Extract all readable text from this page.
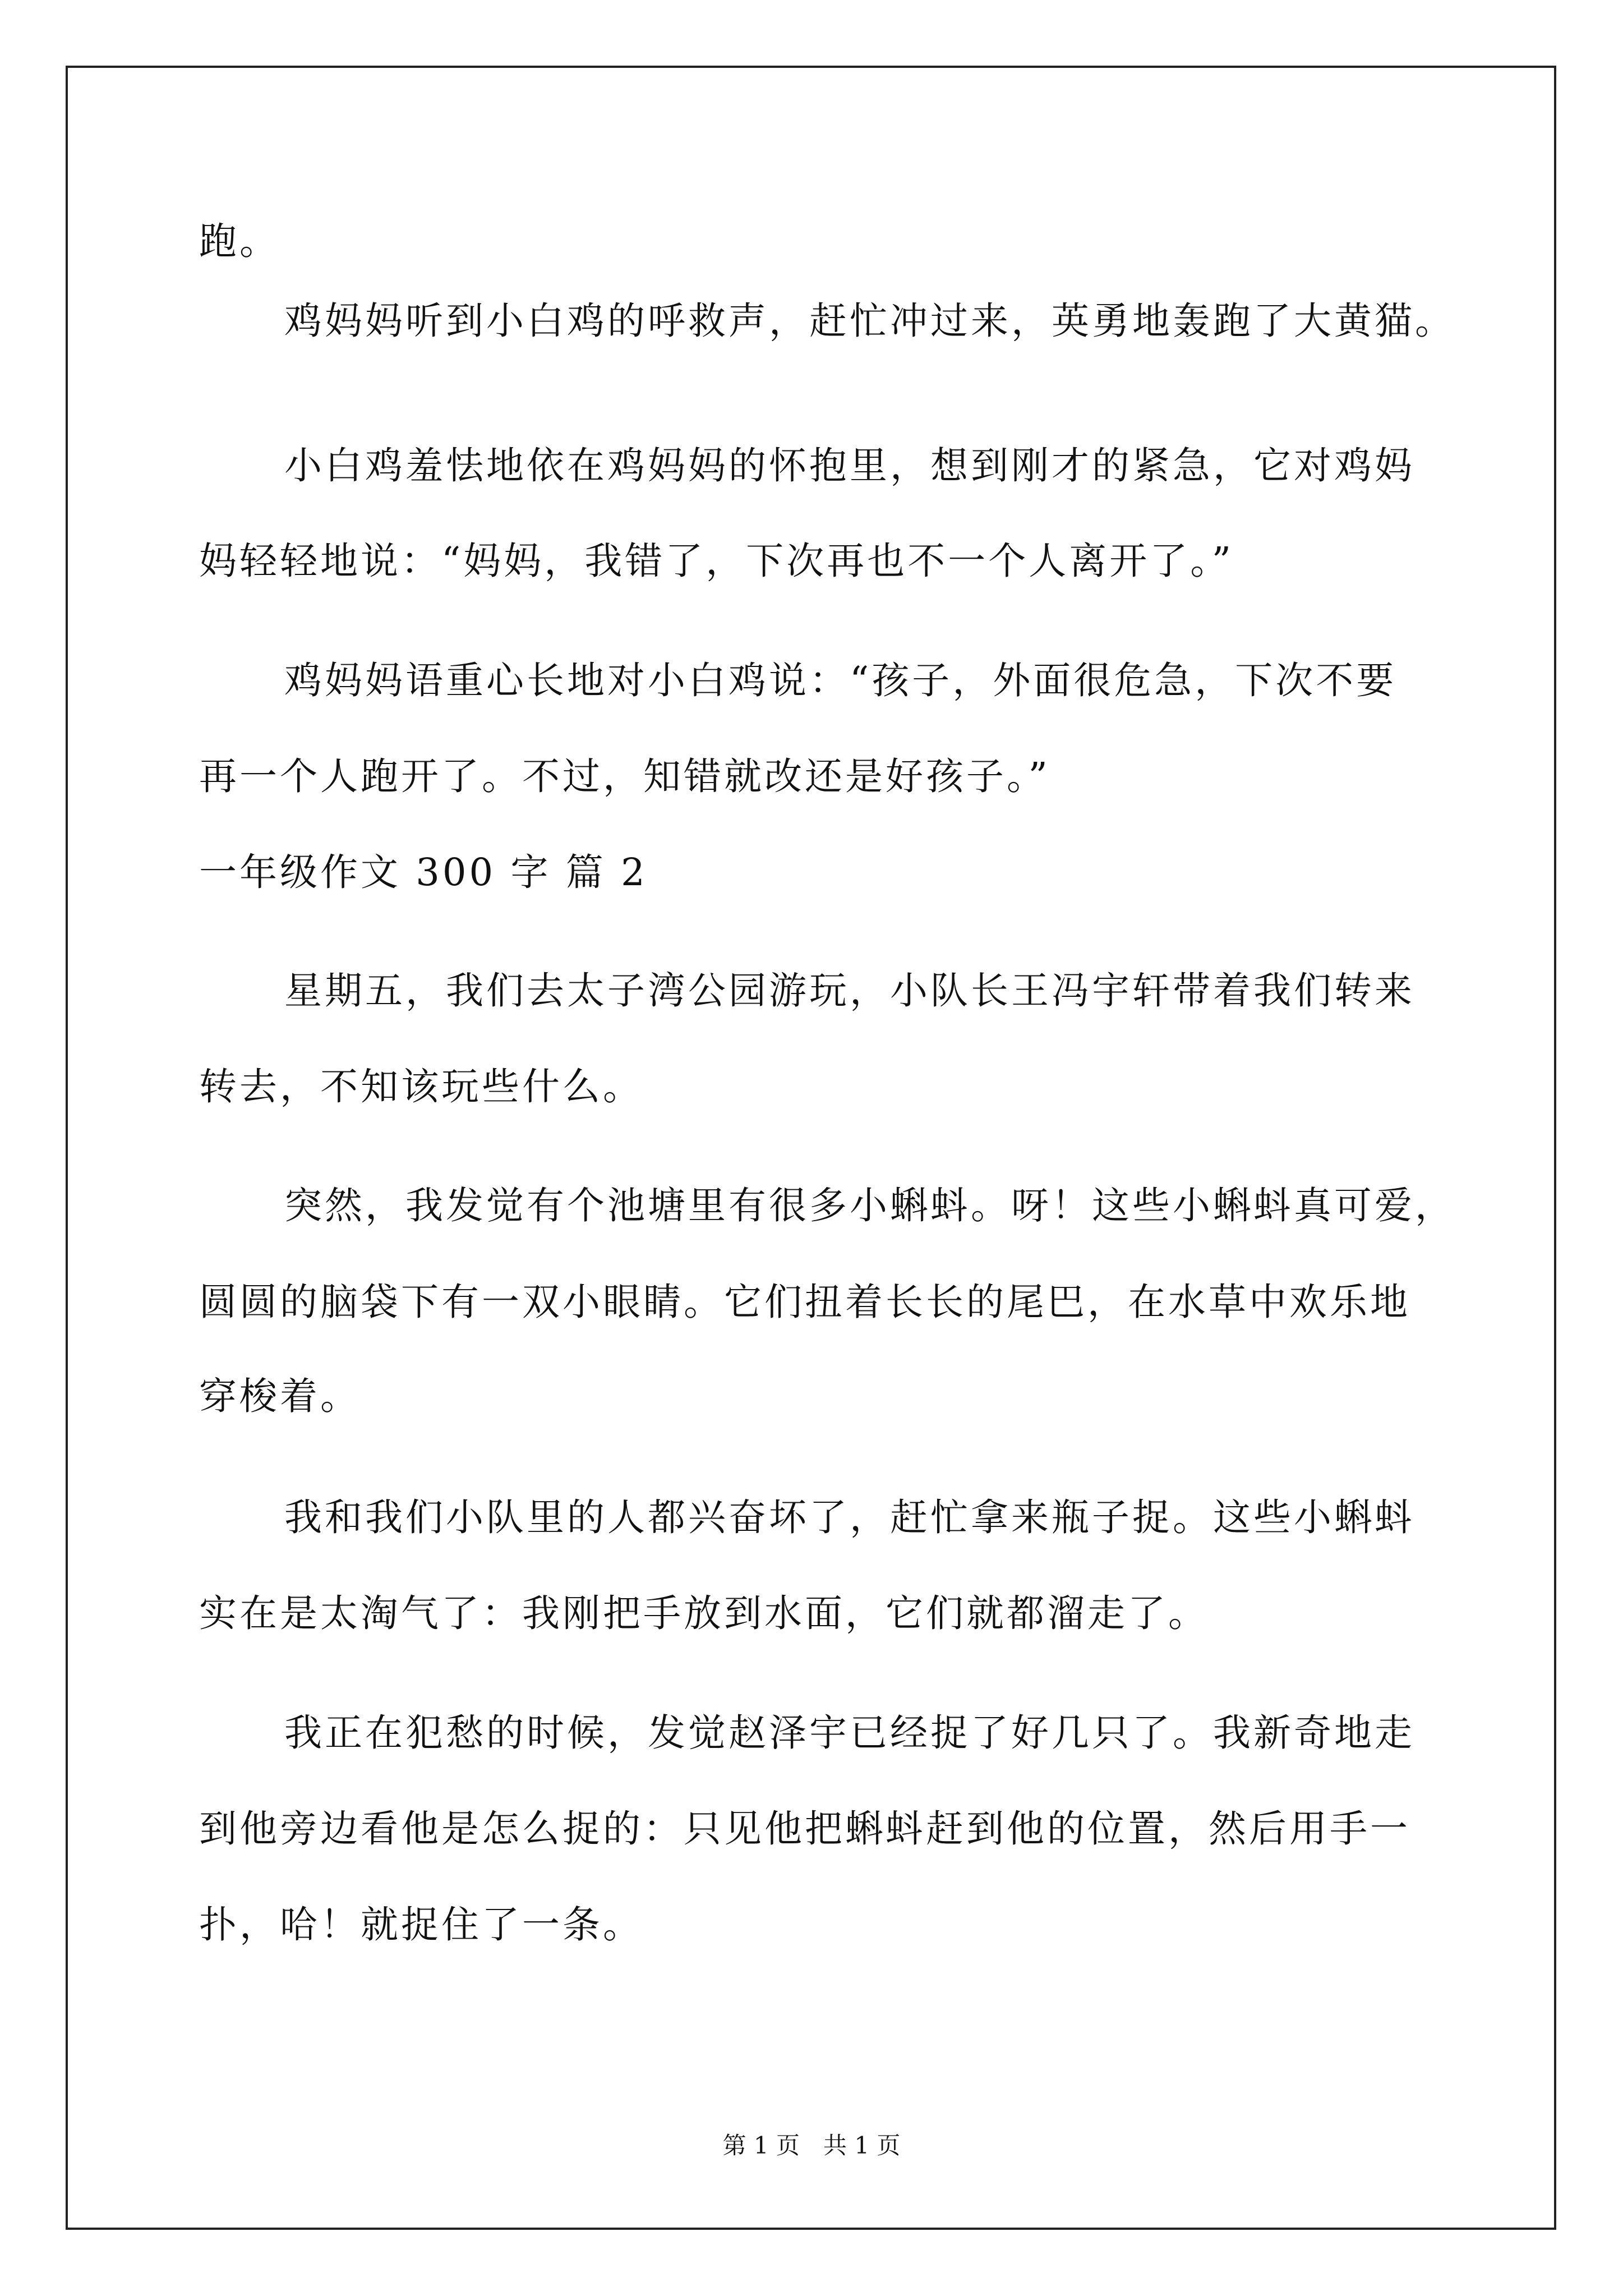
跑。
鸡妈妈听到小白鸡的呼救声，赶忙冲过来，英勇地轰跑了大黄猫。
小白鸡羞怯地依在鸡妈妈的怀抱里，想到刚才的紧急，它对鸡妈
妈轻轻地说：“妈妈，我错了，下次再也不一个人离开了。”
鸡妈妈语重心长地对小白鸡说：“孩子，外面很危急，下次不要
再一个人跑开了。不过，知错就改还是好孩子。”
一年级作文 300 字 篇 2
星期五，我们去太子湾公园游玩，小队长王冯宇轩带着我们转来
转去，不知该玩些什么。
突然，我发觉有个池塘里有很多小蝌蚪。呀！这些小蝌蚪真可爱，
圆圆的脑袋下有一双小眼睛。它们扭着长长的尾巴，在水草中欢乐地
穿梭着。
我和我们小队里的人都兴奋坏了，赶忙拿来瓶子捉。这些小蝌蚪
实在是太淘气了：我刚把手放到水面，它们就都溜走了。
我正在犯愁的时候，发觉赵泽宇已经捉了好几只了。我新奇地走
到他旁边看他是怎么捉的：只见他把蝌蚪赶到他的位置，然后用手一
扑，哈！就捉住了一条。
第 1 页　共 1 页
